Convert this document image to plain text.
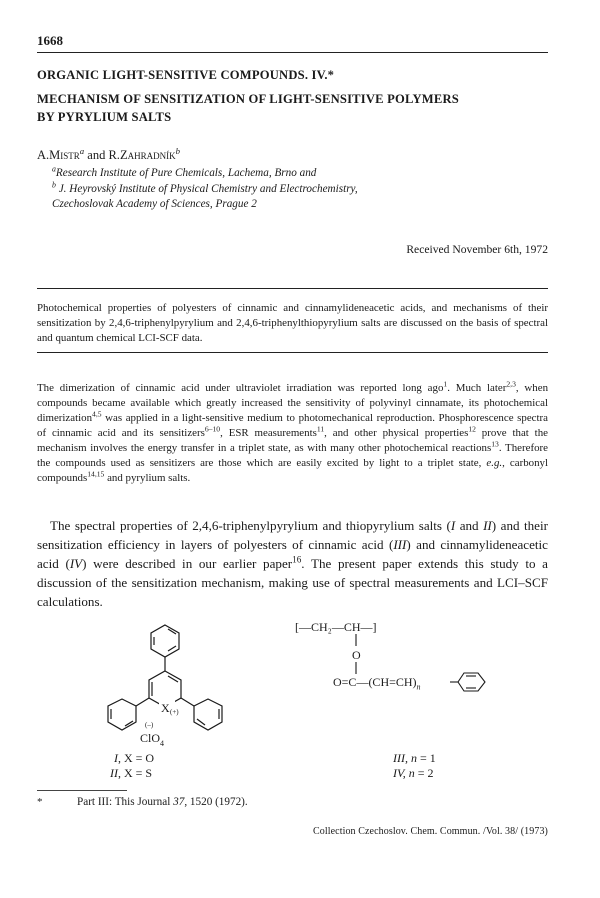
1668
ORGANIC LIGHT-SENSITIVE COMPOUNDS. IV.*
MECHANISM OF SENSITIZATION OF LIGHT-SENSITIVE POLYMERS
BY PYRYLIUM SALTS
A.Mistr$^a$ and R.Zahradník$^b$
$^a$Research Institute of Pure Chemicals, Lachema, Brno and
$^b$ J. Heyrovský Institute of Physical Chemistry and Electrochemistry,
Czechoslovak Academy of Sciences, Prague 2
Received November 6th, 1972
Photochemical properties of polyesters of cinnamic and cinnamylideneacetic acids, and mechanisms of their sensitization by 2,4,6-triphenylpyrylium and 2,4,6-triphenylthiopyrylium salts are discussed on the basis of spectral and quantum chemical LCI-SCF data.
The dimerization of cinnamic acid under ultraviolet irradiation was reported long ago$^1$. Much later$^{2,3}$, when compounds became available which greatly increased the sensitivity of polyvinyl cinnamate, its photochemical dimerization$^{4,5}$ was applied in a light-sensitive medium to photomechanical reproduction. Phosphorescence spectra of cinnamic acid and its sensitizers$^{6-10}$, ESR measurements$^{11}$, and other physical properties$^{12}$ prove that the mechanism involves the energy transfer in a triplet state, as with many other photochemical reactions$^{13}$. Therefore the compounds used as sensitizers are those which are easily excited by light to a triplet state, e.g., carbonyl compounds$^{14,15}$ and pyrylium salts.
The spectral properties of 2,4,6-triphenylpyrylium and thiopyrylium salts (I and II) and their sensitization efficiency in layers of polyesters of cinnamic acid (III) and cinnamylideneacetic acid (IV) were described in our earlier paper$^{16}$. The present paper extends this study to a discussion of the sensitization mechanism, making use of spectral measurements and LCI–SCF calculations.
X (+)
(–)
ClO$_4$
I, X = O
II, X = S
[—CH₂—CH—]
O
$O=C—(CH=CH)_n$
III, n = 1
IV, n = 2
*	Part III: This Journal 37, 1520 (1972).
Collection Czechoslov. Chem. Commun. /Vol. 38/ (1973)
